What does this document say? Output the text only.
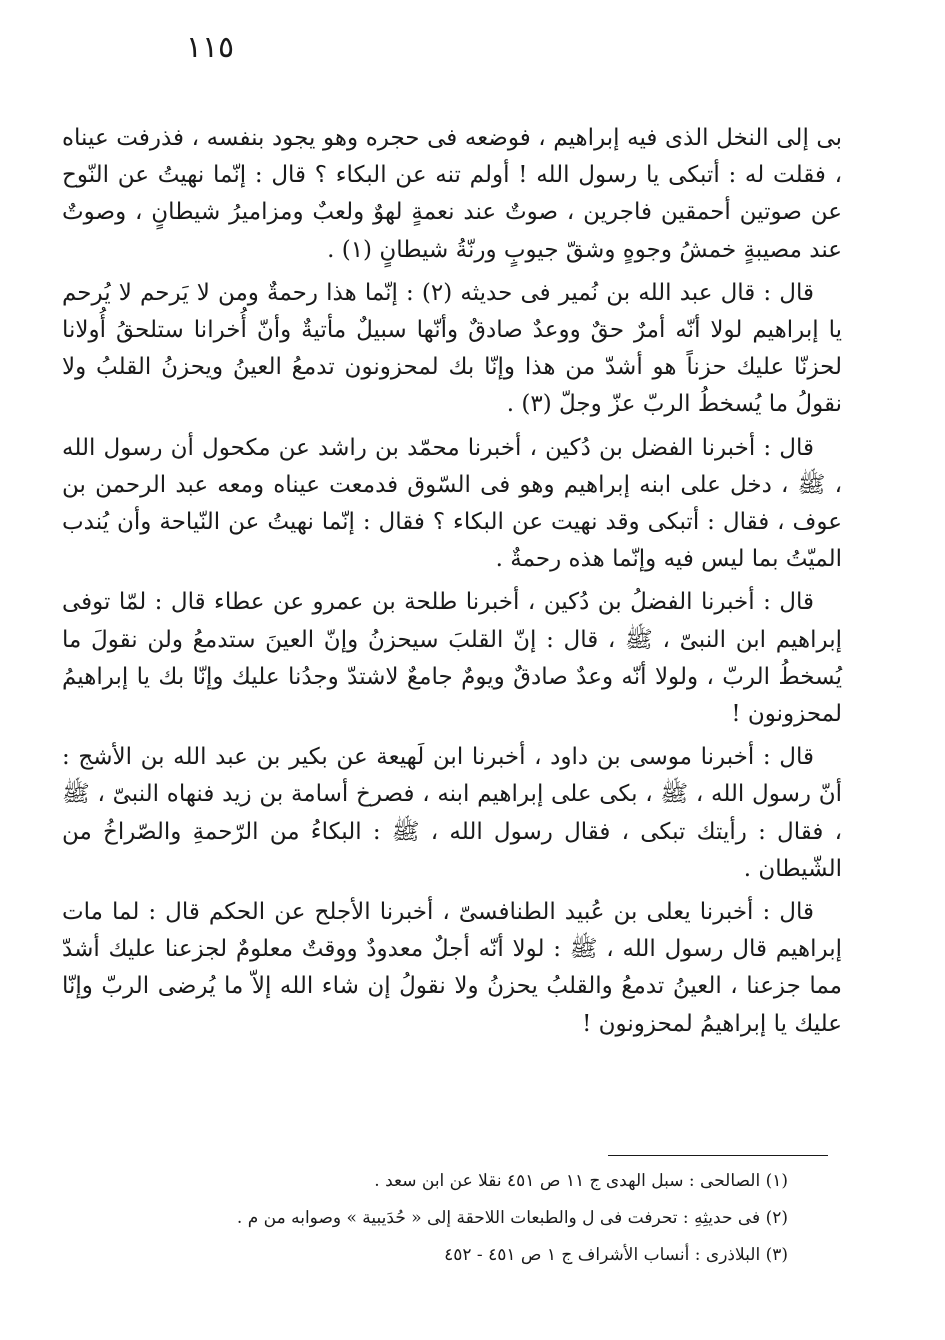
١١٥

بى إلى النخل الذى فيه إبراهيم ، فوضعه فى حجره وهو يجود بنفسه ، فذرفت عيناه ، فقلت له : أتبكى يا رسول الله ! أولم تنه عن البكاء ؟ قال : إنّما نهيتُ عن النّوح عن صوتين أحمقين فاجرين ، صوتٌ عند نعمةٍ لهوٌ ولعبٌ ومزاميرُ شيطانٍ ، وصوتٌ عند مصيبةٍ خمشُ وجوهٍ وشقّ جيوبٍ ورنّةُ شيطانٍ (١) .

قال : قال عبد الله بن نُمير فى حديثه (٢) : إنّما هذا رحمةٌ ومن لا يَرحم لا يُرحم يا إبراهيم لولا أنّه أمرٌ حقٌ ووعدٌ صادقٌ وأنّها سبيلٌ مأتيةٌ وأنّ أُخرانا ستلحقُ أُولانا لحزنّا عليك حزناً هو أشدّ من هذا وإنّا بك لمحزونون تدمعُ العينُ ويحزنُ القلبُ ولا نقولُ ما يُسخطُ الربّ عزّ وجلّ (٣) .

قال : أخبرنا الفضل بن دُكين ، أخبرنا محمّد بن راشد عن مكحول أن رسول الله ، ﷺ ، دخل على ابنه إبراهيم وهو فى السّوق فدمعت عيناه ومعه عبد الرحمن بن عوف ، فقال : أتبكى وقد نهيت عن البكاء ؟ فقال : إنّما نهيتُ عن النّياحة وأن يُندب الميّتُ بما ليس فيه وإنّما هذه رحمةٌ .

قال : أخبرنا الفضلُ بن دُكين ، أخبرنا طلحة بن عمرو عن عطاء قال : لمّا توفى إبراهيم ابن النبىّ ، ﷺ ، قال : إنّ القلبَ سيحزنُ وإنّ العينَ ستدمعُ ولن نقولَ ما يُسخطُ الربّ ، ولولا أنّه وعدٌ صادقٌ ويومٌ جامعٌ لاشتدّ وجدُنا عليك وإنّا بك يا إبراهيمُ لمحزونون !

قال : أخبرنا موسى بن داود ، أخبرنا ابن لَهيعة عن بكير بن عبد الله بن الأشج : أنّ رسول الله ، ﷺ ، بكى على إبراهيم ابنه ، فصرخ أسامة بن زيد فنهاه النبىّ ، ﷺ ، فقال : رأيتك تبكى ، فقال رسول الله ، ﷺ : البكاءُ من الرّحمةِ والصّراخُ من الشّيطان .

قال : أخبرنا يعلى بن عُبيد الطنافسىّ ، أخبرنا الأجلح عن الحكم قال : لما مات إبراهيم قال رسول الله ، ﷺ : لولا أنّه أجلٌ معدودٌ ووقتٌ معلومٌ لجزعنا عليك أشدّ مما جزعنا ، العينُ تدمعُ والقلبُ يحزنُ ولا نقولُ إن شاء الله إلاّ ما يُرضى الربّ وإنّا عليك يا إبراهيمُ لمحزونون !

(١) الصالحى : سبل الهدى ج ١١ ص ٤٥١ نقلا عن ابن سعد .
(٢) فى حديثِهِ : تحرفت فى ل والطبعات اللاحقة إلى « حُدَيبية » وصوابه من م .
(٣) البلاذرى : أنساب الأشراف ج ١ ص ٤٥١ - ٤٥٢
